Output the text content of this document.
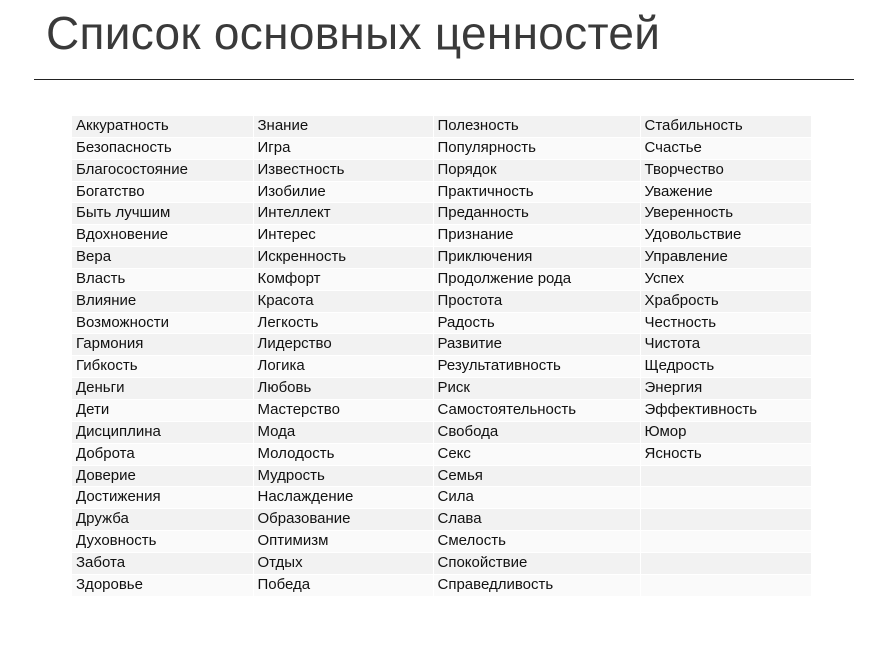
Список основных ценностей
Аккуратность	Знание	Полезность	Стабильность
Безопасность	Игра	Популярность	Счастье
Благосостояние	Известность	Порядок	Творчество
Богатство	Изобилие	Практичность	Уважение
Быть лучшим	Интеллект	Преданность	Уверенность
Вдохновение	Интерес	Признание	Удовольствие
Вера	Искренность	Приключения	Управление
Власть	Комфорт	Продолжение рода	Успех
Влияние	Красота	Простота	Храбрость
Возможности	Легкость	Радость	Честность
Гармония	Лидерство	Развитие	Чистота
Гибкость	Логика	Результативность	Щедрость
Деньги	Любовь	Риск	Энергия
Дети	Мастерство	Самостоятельность	Эффективность
Дисциплина	Мода	Свобода	Юмор
Доброта	Молодость	Секс	Ясность
Доверие	Мудрость	Семья	
Достижения	Наслаждение	Сила	
Дружба	Образование	Слава	
Духовность	Оптимизм	Смелость	
Забота	Отдых	Спокойствие	
Здоровье	Победа	Справедливость	
